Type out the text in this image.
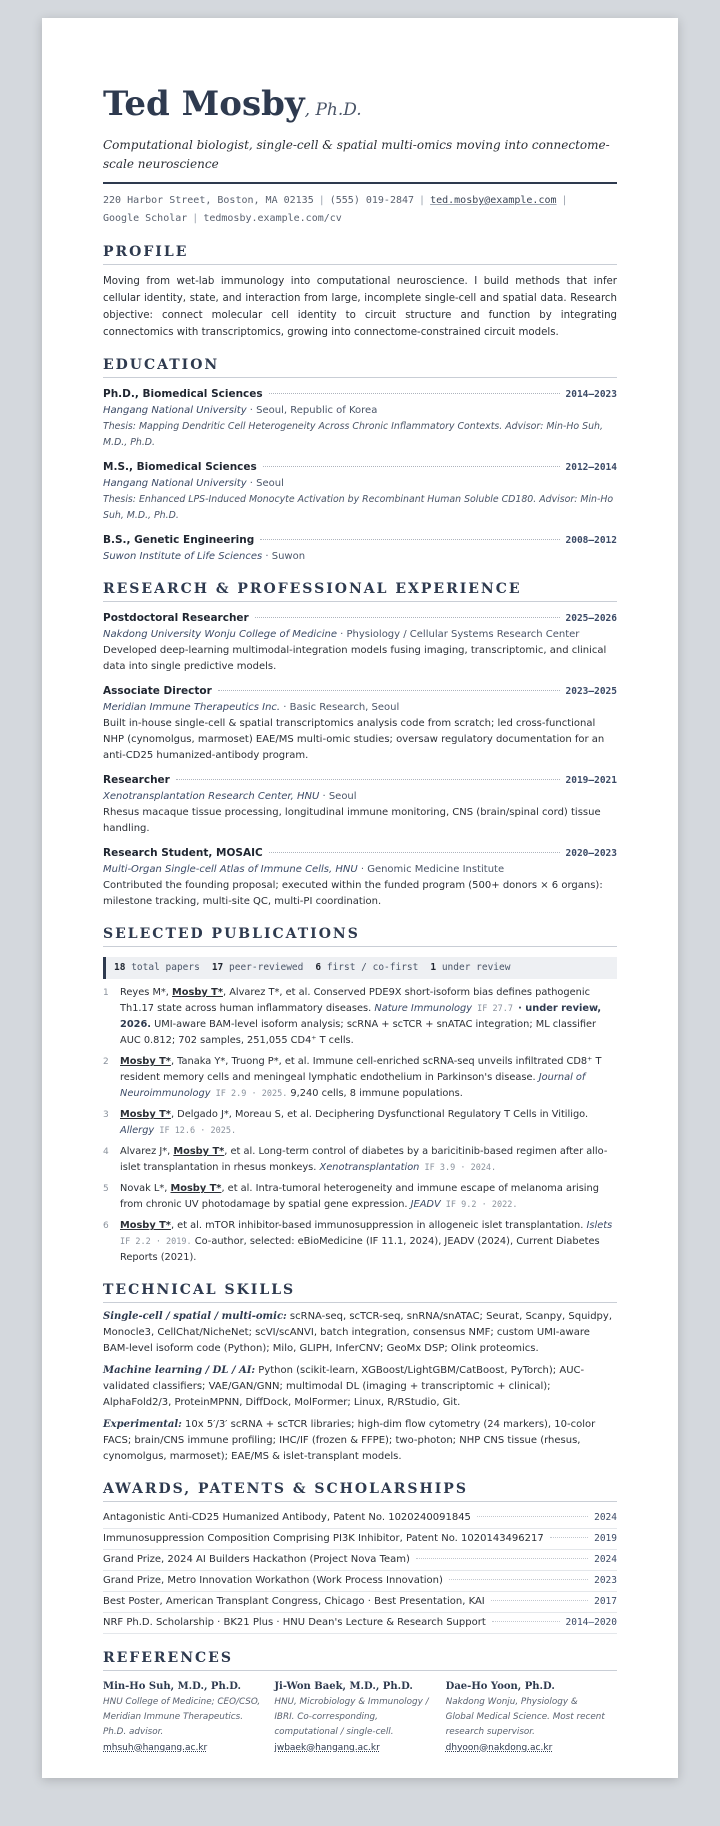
Ted Mosby, Ph.D.
Computational biologist, single-cell & spatial multi-omics moving into connectome-scale neuroscience
220 Harbor Street, Boston, MA 02135 | (555) 019-2847 | ted.mosby@example.com |
Google Scholar | tedmosby.example.com/cv
PROFILE
Moving from wet-lab immunology into computational neuroscience. I build methods that infer cellular identity, state, and interaction from large, incomplete single-cell and spatial data. Research objective: connect molecular cell identity to circuit structure and function by integrating connectomics with transcriptomics, growing into connectome-constrained circuit models.
EDUCATION
Ph.D., Biomedical Sciences	2014–2023
Hangang National University · Seoul, Republic of Korea
Thesis: Mapping Dendritic Cell Heterogeneity Across Chronic Inflammatory Contexts. Advisor: Min-Ho Suh, M.D., Ph.D.
M.S., Biomedical Sciences	2012–2014
Hangang National University · Seoul
Thesis: Enhanced LPS-Induced Monocyte Activation by Recombinant Human Soluble CD180. Advisor: Min-Ho Suh, M.D., Ph.D.
B.S., Genetic Engineering	2008–2012
Suwon Institute of Life Sciences · Suwon
RESEARCH & PROFESSIONAL EXPERIENCE
Postdoctoral Researcher	2025–2026
Nakdong University Wonju College of Medicine · Physiology / Cellular Systems Research Center
Developed deep-learning multimodal-integration models fusing imaging, transcriptomic, and clinical data into single predictive models.
Associate Director	2023–2025
Meridian Immune Therapeutics Inc. · Basic Research, Seoul
Built in-house single-cell & spatial transcriptomics analysis code from scratch; led cross-functional NHP (cynomolgus, marmoset) EAE/MS multi-omic studies; oversaw regulatory documentation for an anti-CD25 humanized-antibody program.
Researcher	2019–2021
Xenotransplantation Research Center, HNU · Seoul
Rhesus macaque tissue processing, longitudinal immune monitoring, CNS (brain/spinal cord) tissue handling.
Research Student, MOSAIC	2020–2023
Multi-Organ Single-cell Atlas of Immune Cells, HNU · Genomic Medicine Institute
Contributed the founding proposal; executed within the funded program (500+ donors × 6 organs): milestone tracking, multi-site QC, multi-PI coordination.
SELECTED PUBLICATIONS
18 total papers 17 peer-reviewed 6 first / co-first 1 under review
1	Reyes M*, Mosby T*, Alvarez T*, et al. Conserved PDE9X short-isoform bias defines pathogenic Th1.17 state across human inflammatory diseases. Nature Immunology IF 27.7 · under review, 2026. UMI-aware BAM-level isoform analysis; scRNA + scTCR + snATAC integration; ML classifier AUC 0.812; 702 samples, 251,055 CD4⁺ T cells.
2	Mosby T*, Tanaka Y*, Truong P*, et al. Immune cell-enriched scRNA-seq unveils infiltrated CD8⁺ T resident memory cells and meningeal lymphatic endothelium in Parkinson's disease. Journal of Neuroimmunology IF 2.9 · 2025. 9,240 cells, 8 immune populations.
3	Mosby T*, Delgado J*, Moreau S, et al. Deciphering Dysfunctional Regulatory T Cells in Vitiligo. Allergy IF 12.6 · 2025.
4	Alvarez J*, Mosby T*, et al. Long-term control of diabetes by a baricitinib-based regimen after allo-islet transplantation in rhesus monkeys. Xenotransplantation IF 3.9 · 2024.
5	Novak L*, Mosby T*, et al. Intra-tumoral heterogeneity and immune escape of melanoma arising from chronic UV photodamage by spatial gene expression. JEADV IF 9.2 · 2022.
6	Mosby T*, et al. mTOR inhibitor-based immunosuppression in allogeneic islet transplantation. Islets IF 2.2 · 2019. Co-author, selected: eBioMedicine (IF 11.1, 2024), JEADV (2024), Current Diabetes Reports (2021).
TECHNICAL SKILLS
Single-cell / spatial / multi-omic: scRNA-seq, scTCR-seq, snRNA/snATAC; Seurat, Scanpy, Squidpy, Monocle3, CellChat/NicheNet; scVI/scANVI, batch integration, consensus NMF; custom UMI-aware BAM-level isoform code (Python); Milo, GLIPH, InferCNV; GeoMx DSP; Olink proteomics.
Machine learning / DL / AI: Python (scikit-learn, XGBoost/LightGBM/CatBoost, PyTorch); AUC-validated classifiers; VAE/GAN/GNN; multimodal DL (imaging + transcriptomic + clinical); AlphaFold2/3, ProteinMPNN, DiffDock, MolFormer; Linux, R/RStudio, Git.
Experimental: 10x 5′/3′ scRNA + scTCR libraries; high-dim flow cytometry (24 markers), 10-color FACS; brain/CNS immune profiling; IHC/IF (frozen & FFPE); two-photon; NHP CNS tissue (rhesus, cynomolgus, marmoset); EAE/MS & islet-transplant models.
AWARDS, PATENTS & SCHOLARSHIPS
Antagonistic Anti-CD25 Humanized Antibody, Patent No. 1020240091845	2024
Immunosuppression Composition Comprising PI3K Inhibitor, Patent No. 1020143496217	2019
Grand Prize, 2024 AI Builders Hackathon (Project Nova Team)	2024
Grand Prize, Metro Innovation Workathon (Work Process Innovation)	2023
Best Poster, American Transplant Congress, Chicago · Best Presentation, KAI	2017
NRF Ph.D. Scholarship · BK21 Plus · HNU Dean's Lecture & Research Support	2014–2020
REFERENCES
Min-Ho Suh, M.D., Ph.D.
HNU College of Medicine; CEO/CSO, Meridian Immune Therapeutics. Ph.D. advisor.
mhsuh@hangang.ac.kr
Ji-Won Baek, M.D., Ph.D.
HNU, Microbiology & Immunology / IBRI. Co-corresponding, computational / single-cell.
jwbaek@hangang.ac.kr
Dae-Ho Yoon, Ph.D.
Nakdong Wonju, Physiology & Global Medical Science. Most recent research supervisor.
dhyoon@nakdong.ac.kr
